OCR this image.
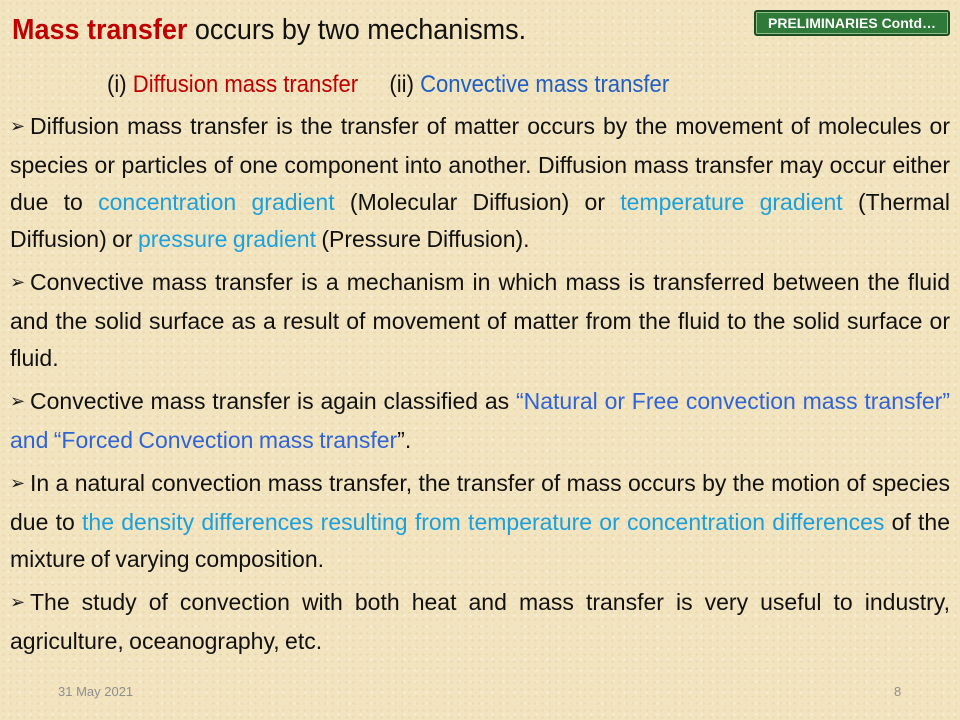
Mass transfer occurs by two mechanisms.	PRELIMINARIES Contd…
(i) Diffusion mass transfer (ii) Convective mass transfer

➢ Diffusion mass transfer is the transfer of matter occurs by the movement of molecules or species or particles of one component into another. Diffusion mass transfer may occur either due to concentration gradient (Molecular Diffusion) or temperature gradient (Thermal Diffusion) or pressure gradient (Pressure Diffusion).

➢ Convective mass transfer is a mechanism in which mass is transferred between the fluid and the solid surface as a result of movement of matter from the fluid to the solid surface or fluid.

➢ Convective mass transfer is again classified as “Natural or Free convection mass transfer” and “Forced Convection mass transfer”.

➢ In a natural convection mass transfer, the transfer of mass occurs by the motion of species due to the density differences resulting from temperature or concentration differences of the mixture of varying composition.

➢ The study of convection with both heat and mass transfer is very useful to industry, agriculture, oceanography, etc.

31 May 2021	8
